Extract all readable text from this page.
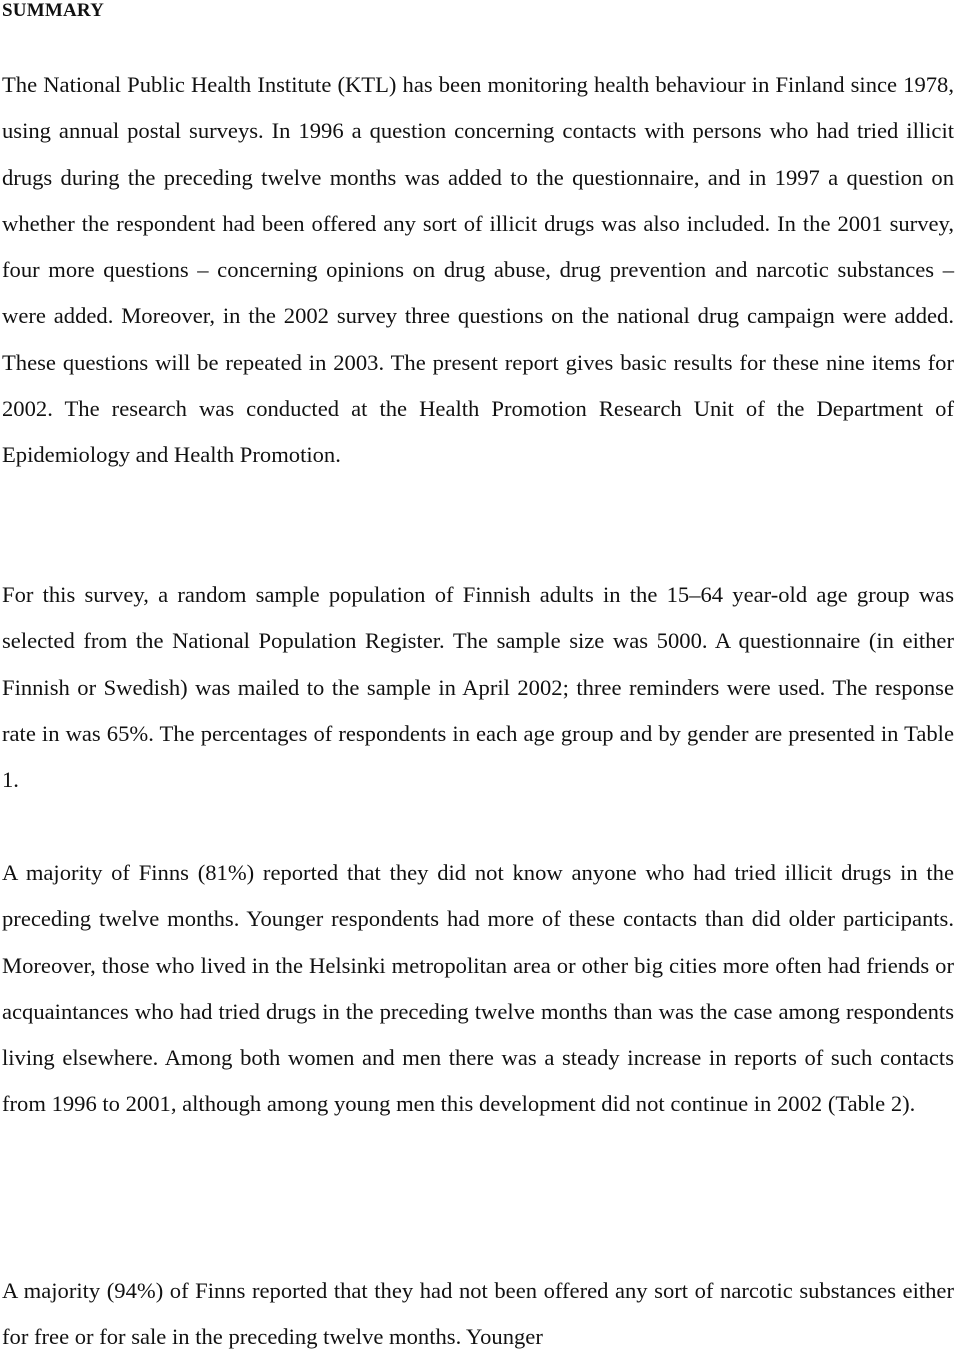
SUMMARY

The National Public Health Institute (KTL) has been monitoring health behaviour in Finland since 1978, using annual postal surveys. In 1996 a question concerning contacts with persons who had tried illicit drugs during the preceding twelve months was added to the questionnaire, and in 1997 a question on whether the respondent had been offered any sort of illicit drugs was also included. In the 2001 survey, four more questions – concerning opinions on drug abuse, drug prevention and narcotic substances – were added. Moreover, in the 2002 survey three questions on the national drug campaign were added. These questions will be repeated in 2003. The present report gives basic results for these nine items for 2002. The research was conducted at the Health Promotion Research Unit of the Department of Epidemiology and Health Promotion.

For this survey, a random sample population of Finnish adults in the 15–64 year-old age group was selected from the National Population Register. The sample size was 5000. A questionnaire (in either Finnish or Swedish) was mailed to the sample in April 2002; three reminders were used. The response rate in was 65%. The percentages of respondents in each age group and by gender are presented in Table 1.

A majority of Finns (81%) reported that they did not know anyone who had tried illicit drugs in the preceding twelve months. Younger respondents had more of these contacts than did older participants. Moreover, those who lived in the Helsinki metropolitan area or other big cities more often had friends or acquaintances who had tried drugs in the preceding twelve months than was the case among respondents living elsewhere. Among both women and men there was a steady increase in reports of such contacts from 1996 to 2001, although among young men this development did not continue in 2002 (Table 2).

A majority (94%) of Finns reported that they had not been offered any sort of narcotic substances either for free or for sale in the preceding twelve months. Younger
